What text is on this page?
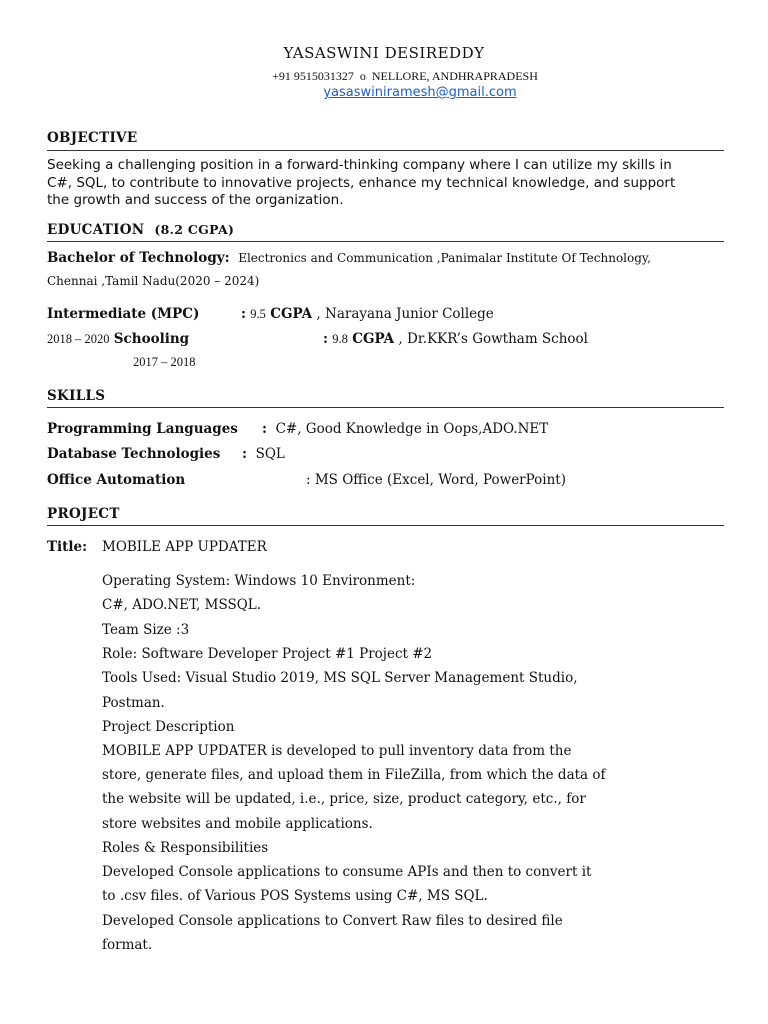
YASASWINI DESIREDDY
+91 9515031327 o NELLORE, ANDHRAPRADESH
yasaswiniramesh@gmail.com
OBJECTIVE
Seeking a challenging position in a forward-thinking company where I can utilize my skills in
C#, SQL, to contribute to innovative projects, enhance my technical knowledge, and support
the growth and success of the organization.
EDUCATION (8.2 CGPA)
Bachelor of Technology: Electronics and Communication ,Panimalar Institute Of Technology,
Chennai ,Tamil Nadu(2020 – 2024)
Intermediate (MPC)	: 9.5 CGPA , Narayana Junior College
2018 – 2020 Schooling	: 9.8 CGPA , Dr.KKR’s Gowtham School
2017 – 2018
SKILLS
Programming Languages : C#, Good Knowledge in Oops,ADO.NET
Database Technologies : SQL
Office Automation	: MS Office (Excel, Word, PowerPoint)
PROJECT
Title: MOBILE APP UPDATER
Operating System: Windows 10 Environment:
C#, ADO.NET, MSSQL.
Team Size :3
Role: Software Developer Project #1 Project #2
Tools Used: Visual Studio 2019, MS SQL Server Management Studio,
Postman.
Project Description
MOBILE APP UPDATER is developed to pull inventory data from the
store, generate files, and upload them in FileZilla, from which the data of
the website will be updated, i.e., price, size, product category, etc., for
store websites and mobile applications.
Roles & Responsibilities
Developed Console applications to consume APIs and then to convert it
to .csv files. of Various POS Systems using C#, MS SQL.
Developed Console applications to Convert Raw files to desired file
format.
